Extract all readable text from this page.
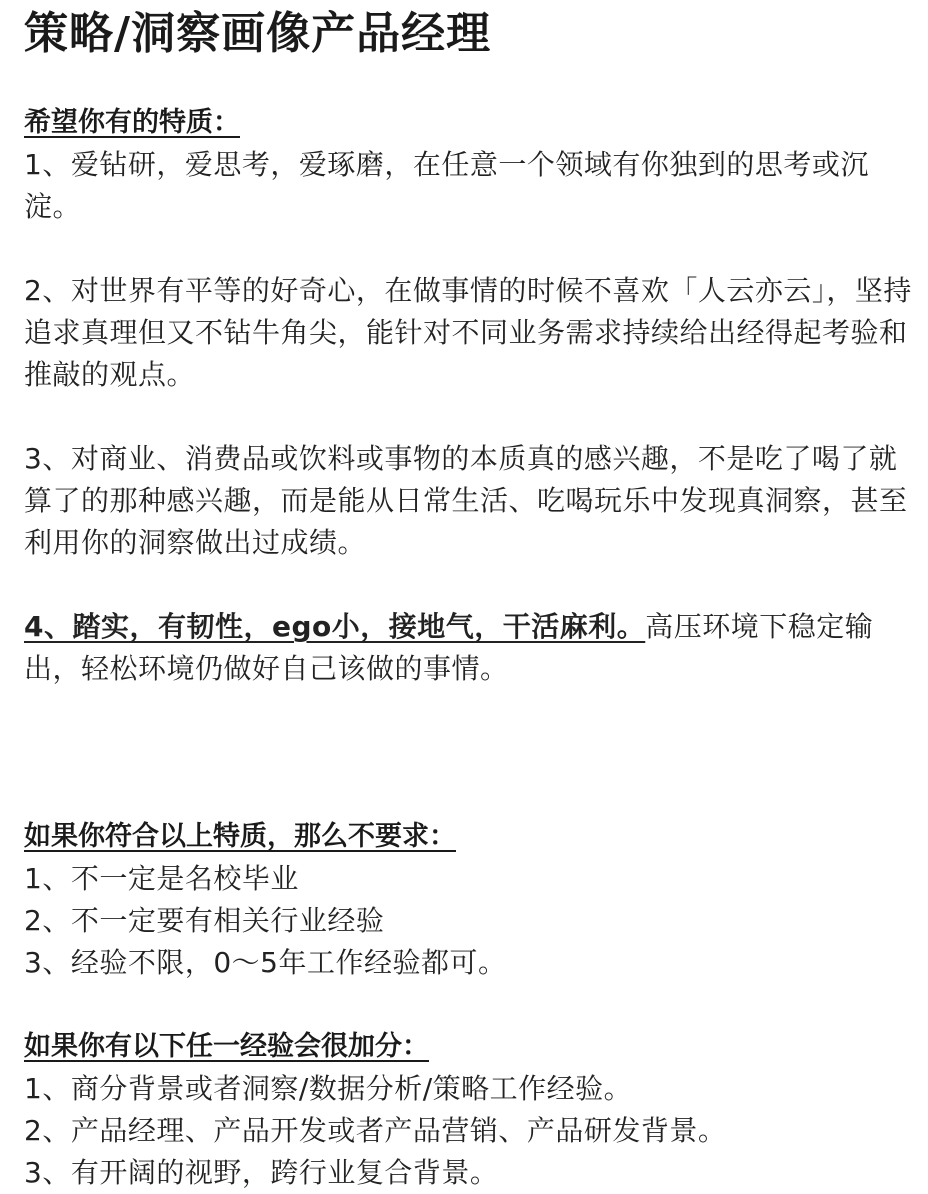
策略/洞察画像产品经理

希望你有的特质：

1、爱钻研，爱思考，爱琢磨，在任意一个领域有你独到的思考或沉淀。

2、对世界有平等的好奇心，在做事情的时候不喜欢「人云亦云」，坚持追求真理但又不钻牛角尖，能针对不同业务需求持续给出经得起考验和推敲的观点。

3、对商业、消费品或饮料或事物的本质真的感兴趣，不是吃了喝了就算了的那种感兴趣，而是能从日常生活、吃喝玩乐中发现真洞察，甚至利用你的洞察做出过成绩。

4、踏实，有韧性，ego小，接地气，干活麻利。高压环境下稳定输出，轻松环境仍做好自己该做的事情。

如果你符合以上特质，那么不要求：

1、不一定是名校毕业

2、不一定要有相关行业经验

3、经验不限，0～5年工作经验都可。

如果你有以下任一经验会很加分：

1、商分背景或者洞察/数据分析/策略工作经验。

2、产品经理、产品开发或者产品营销、产品研发背景。

3、有开阔的视野，跨行业复合背景。
